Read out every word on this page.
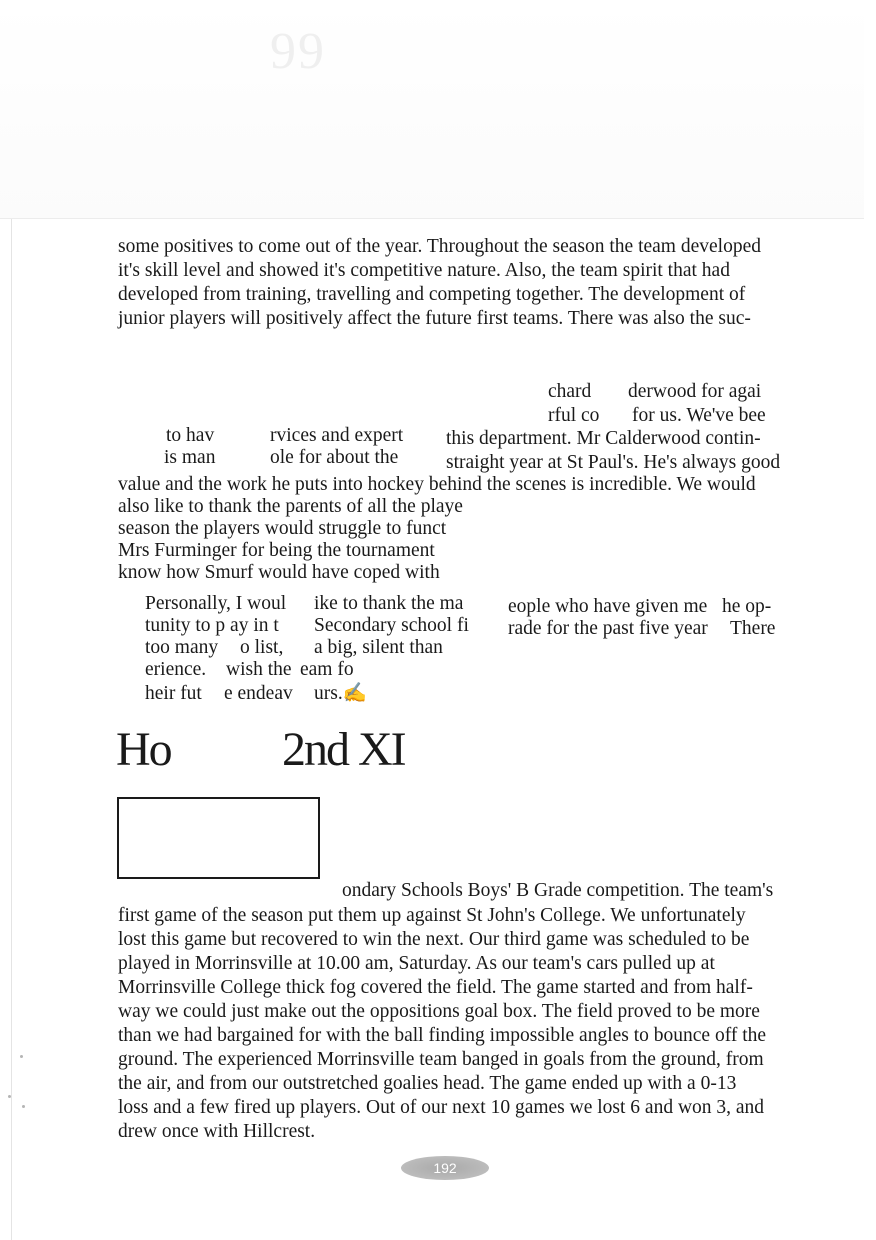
99
some positives to come out of the year. Throughout the season the team developed
it's skill level and showed it's competitive nature. Also, the team spirit that had
developed from training, travelling and competing together. The development of
junior players will positively affect the future first teams. There was also the suc-
chard derwood for agai
rful co for us. We've bee
to hav	rvices and expert this department. Mr Calderwood contin-
is man	ole for about the straight year at St Paul's. He's always good
value and the work he puts into hockey behind the scenes is incredible. We would
also like to thank the parents of all the playe
season the players would struggle to funct
Mrs Furminger for being the tournament
know how Smurf would have coped with
Personally, I woul ike to thank the ma eople who have given me he op-
tunity to p ay in t Secondary school fi rade for the past five year There
too many o list, a big, silent than
erience. wish the eam fo
heir fut e endeav urs.✍
Ho 2nd XI
ondary Schools Boys' B Grade competition. The team's
first game of the season put them up against St John's College. We unfortunately
lost this game but recovered to win the next. Our third game was scheduled to be
played in Morrinsville at 10.00 am, Saturday. As our team's cars pulled up at
Morrinsville College thick fog covered the field. The game started and from half-
way we could just make out the oppositions goal box. The field proved to be more
than we had bargained for with the ball finding impossible angles to bounce off the
ground. The experienced Morrinsville team banged in goals from the ground, from
the air, and from our outstretched goalies head. The game ended up with a 0-13
loss and a few fired up players. Out of our next 10 games we lost 6 and won 3, and
drew once with Hillcrest.
192
